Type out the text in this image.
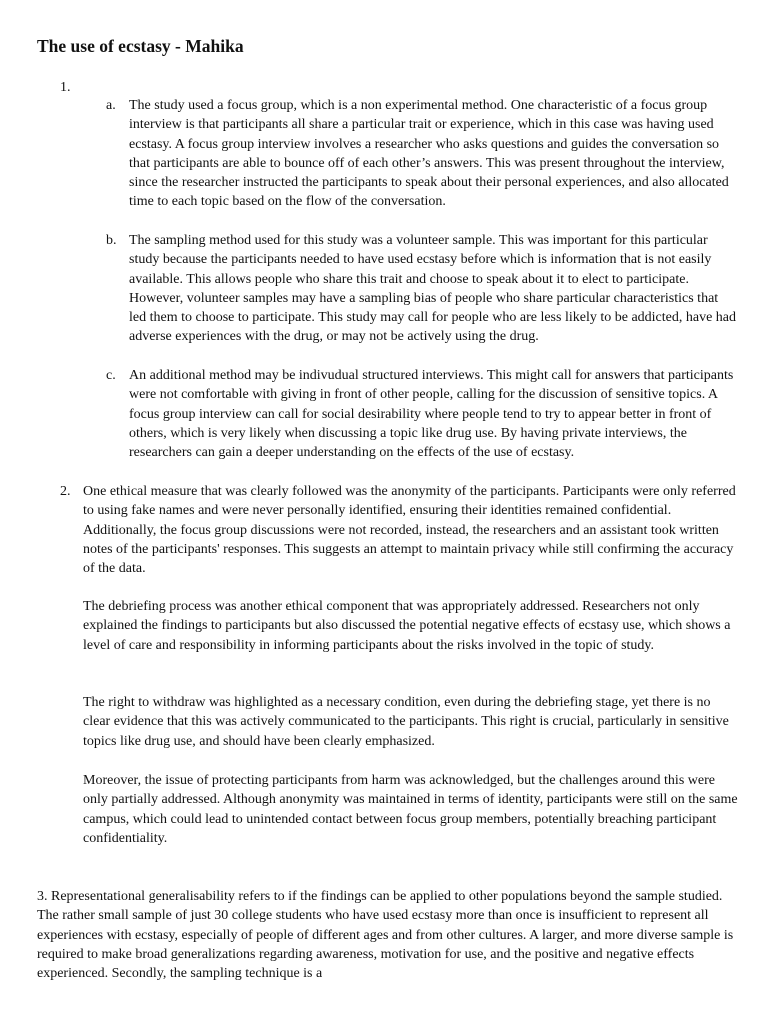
The use of ecstasy - Mahika
1.
a. The study used a focus group, which is a non experimental method. One characteristic of a focus group interview is that participants all share a particular trait or experience, which in this case was having used ecstasy. A focus group interview involves a researcher who asks questions and guides the conversation so that participants are able to bounce off of each other’s answers. This was present throughout the interview, since the researcher instructed the participants to speak about their personal experiences, and also allocated time to each topic based on the flow of the conversation.
b. The sampling method used for this study was a volunteer sample. This was important for this particular study because the participants needed to have used ecstasy before which is information that is not easily available. This allows people who share this trait and choose to speak about it to elect to participate. However, volunteer samples may have a sampling bias of people who share particular characteristics that led them to choose to participate. This study may call for people who are less likely to be addicted, have had adverse experiences with the drug, or may not be actively using the drug.
c. An additional method may be indivudual structured interviews. This might call for answers that participants were not comfortable with giving in front of other people, calling for the discussion of sensitive topics. A focus group interview can call for social desirability where people tend to try to appear better in front of others, which is very likely when discussing a topic like drug use. By having private interviews, the researchers can gain a deeper understanding on the effects of the use of ecstasy.
2. One ethical measure that was clearly followed was the anonymity of the participants. Participants were only referred to using fake names and were never personally identified, ensuring their identities remained confidential. Additionally, the focus group discussions were not recorded, instead, the researchers and an assistant took written notes of the participants' responses. This suggests an attempt to maintain privacy while still confirming the accuracy of the data.
The debriefing process was another ethical component that was appropriately addressed. Researchers not only explained the findings to participants but also discussed the potential negative effects of ecstasy use, which shows a level of care and responsibility in informing participants about the risks involved in the topic of study.
The right to withdraw was highlighted as a necessary condition, even during the debriefing stage, yet there is no clear evidence that this was actively communicated to the participants. This right is crucial, particularly in sensitive topics like drug use, and should have been clearly emphasized.
Moreover, the issue of protecting participants from harm was acknowledged, but the challenges around this were only partially addressed. Although anonymity was maintained in terms of identity, participants were still on the same campus, which could lead to unintended contact between focus group members, potentially breaching participant confidentiality.
3. Representational generalisability refers to if the findings can be applied to other populations beyond the sample studied. The rather small sample of just 30 college students who have used ecstasy more than once is insufficient to represent all experiences with ecstasy, especially of people of different ages and from other cultures. A larger, and more diverse sample is required to make broad generalizations regarding awareness, motivation for use, and the positive and negative effects experienced. Secondly, the sampling technique is a
